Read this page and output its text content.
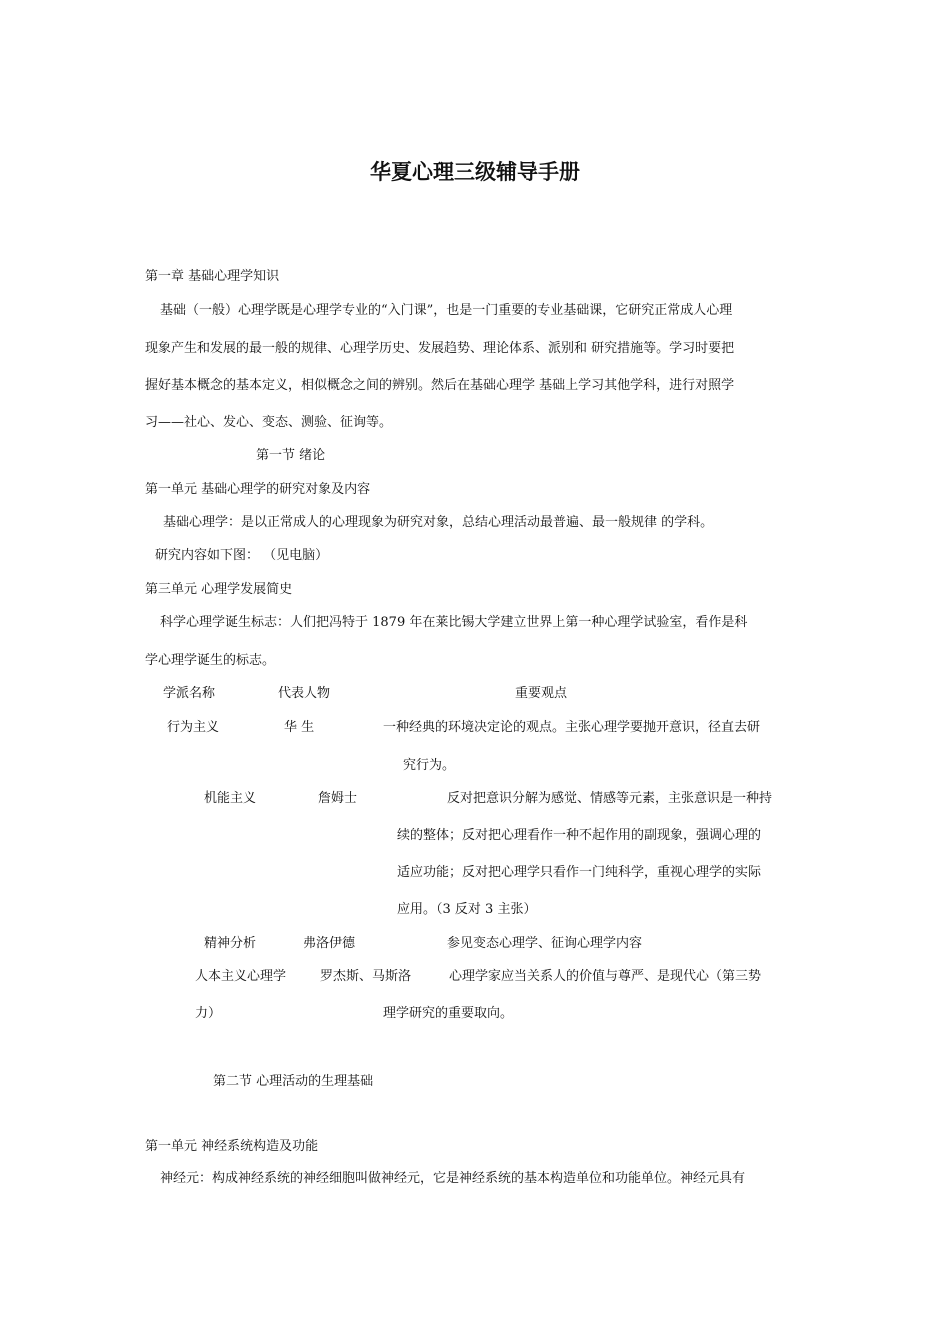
华夏心理三级辅导手册
第一章 基础心理学知识
基础（一般）心理学既是心理学专业的“入门课”，也是一门重要的专业基础课，它研究正常成人心理
现象产生和发展的最一般的规律、心理学历史、发展趋势、理论体系、派别和 研究措施等。学习时要把
握好基本概念的基本定义，相似概念之间的辨别。然后在基础心理学 基础上学习其他学科，进行对照学
习——社心、发心、变态、测验、征询等。
第一节 绪论
第一单元 基础心理学的研究对象及内容
基础心理学：是以正常成人的心理现象为研究对象，总结心理活动最普遍、最一般规律 的学科。
研究内容如下图： （见电脑）
第三单元 心理学发展简史
科学心理学诞生标志：人们把冯特于 1879 年在莱比锡大学建立世界上第一种心理学试验室，看作是科
学心理学诞生的标志。
学派名称	代表人物	重要观点
行为主义	华 生	一种经典的环境决定论的观点。主张心理学要抛开意识，径直去研
究行为。
机能主义	詹姆士	反对把意识分解为感觉、情感等元素，主张意识是一种持
续的整体；反对把心理看作一种不起作用的副现象，强调心理的
适应功能；反对把心理学只看作一门纯科学，重视心理学的实际
应用。（3 反对 3 主张）
精神分析	弗洛伊德	参见变态心理学、征询心理学内容
人本主义心理学	罗杰斯、马斯洛	心理学家应当关系人的价值与尊严、是现代心（第三势
力）	理学研究的重要取向。
第二节 心理活动的生理基础
第一单元 神经系统构造及功能
神经元：构成神经系统的神经细胞叫做神经元，它是神经系统的基本构造单位和功能单位。神经元具有
